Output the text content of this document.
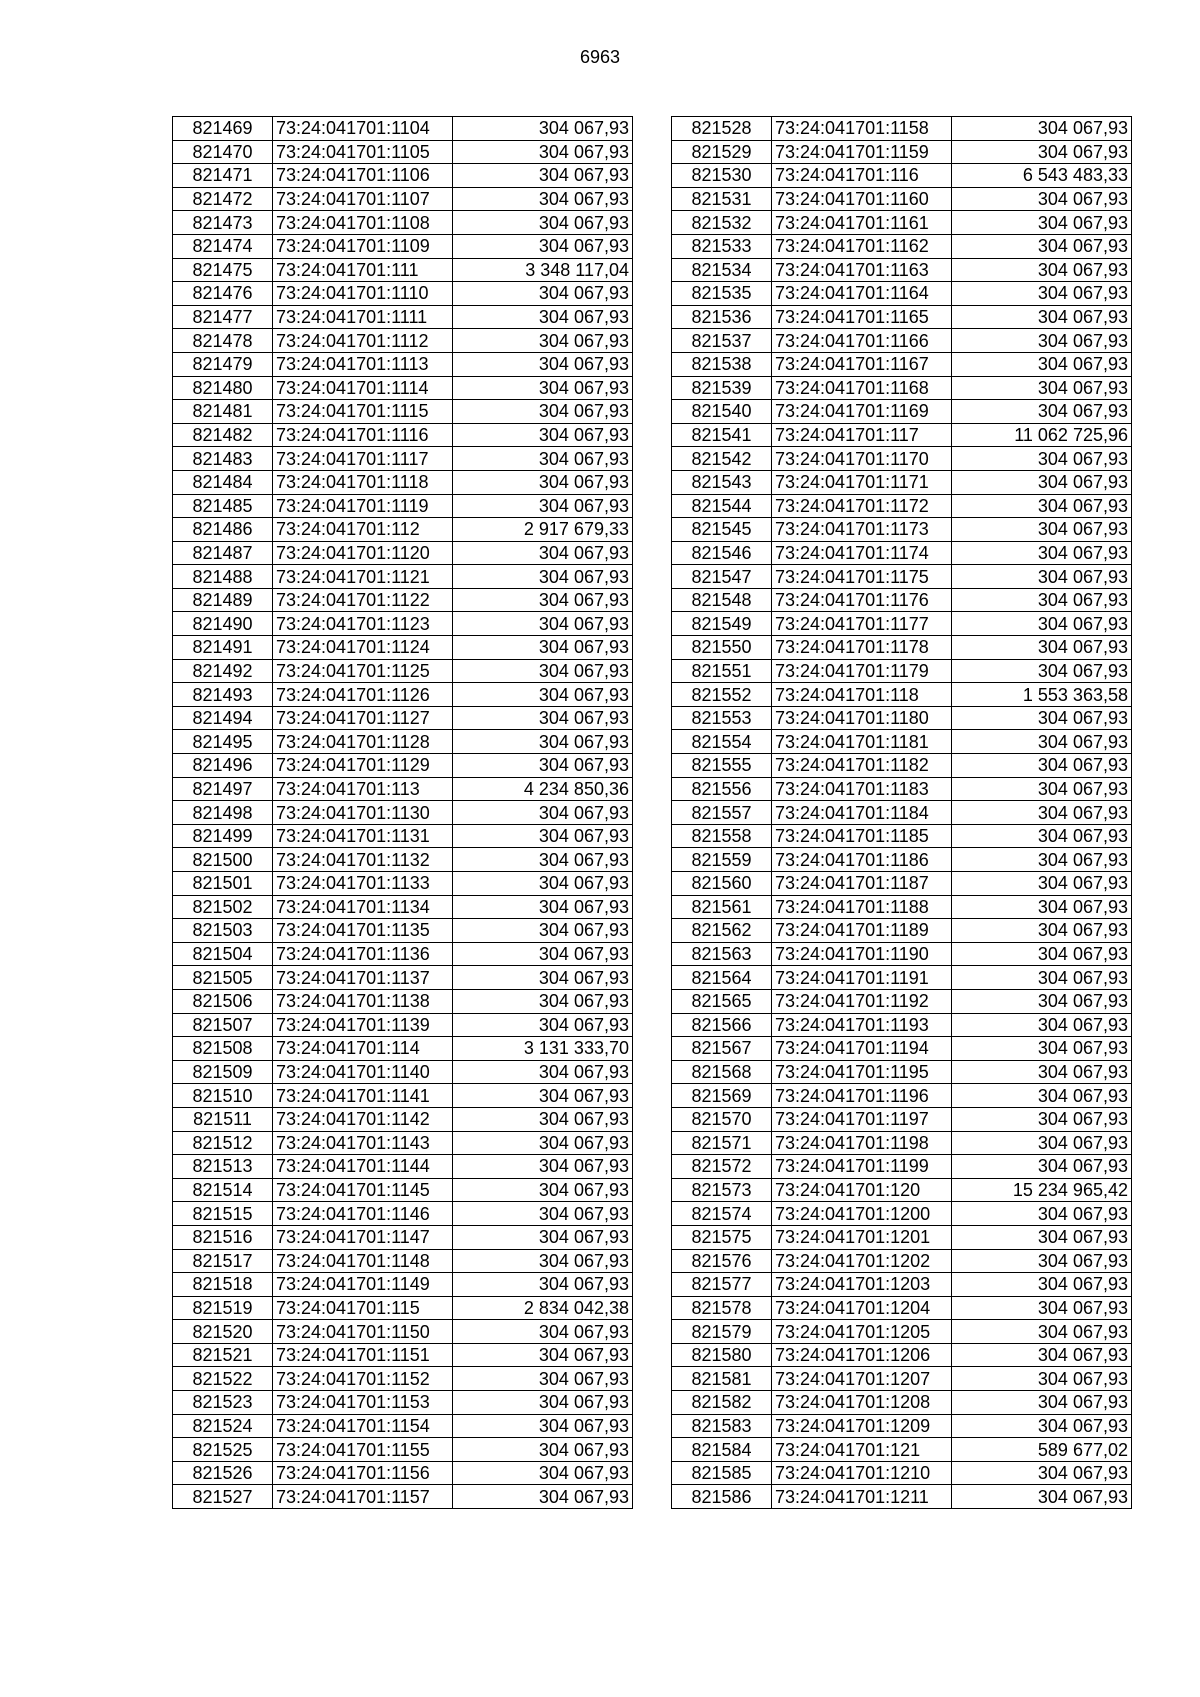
6963
821469	73:24:041701:1104	304 067,93
821470	73:24:041701:1105	304 067,93
821471	73:24:041701:1106	304 067,93
821472	73:24:041701:1107	304 067,93
821473	73:24:041701:1108	304 067,93
821474	73:24:041701:1109	304 067,93
821475	73:24:041701:111	3 348 117,04
821476	73:24:041701:1110	304 067,93
821477	73:24:041701:1111	304 067,93
821478	73:24:041701:1112	304 067,93
821479	73:24:041701:1113	304 067,93
821480	73:24:041701:1114	304 067,93
821481	73:24:041701:1115	304 067,93
821482	73:24:041701:1116	304 067,93
821483	73:24:041701:1117	304 067,93
821484	73:24:041701:1118	304 067,93
821485	73:24:041701:1119	304 067,93
821486	73:24:041701:112	2 917 679,33
821487	73:24:041701:1120	304 067,93
821488	73:24:041701:1121	304 067,93
821489	73:24:041701:1122	304 067,93
821490	73:24:041701:1123	304 067,93
821491	73:24:041701:1124	304 067,93
821492	73:24:041701:1125	304 067,93
821493	73:24:041701:1126	304 067,93
821494	73:24:041701:1127	304 067,93
821495	73:24:041701:1128	304 067,93
821496	73:24:041701:1129	304 067,93
821497	73:24:041701:113	4 234 850,36
821498	73:24:041701:1130	304 067,93
821499	73:24:041701:1131	304 067,93
821500	73:24:041701:1132	304 067,93
821501	73:24:041701:1133	304 067,93
821502	73:24:041701:1134	304 067,93
821503	73:24:041701:1135	304 067,93
821504	73:24:041701:1136	304 067,93
821505	73:24:041701:1137	304 067,93
821506	73:24:041701:1138	304 067,93
821507	73:24:041701:1139	304 067,93
821508	73:24:041701:114	3 131 333,70
821509	73:24:041701:1140	304 067,93
821510	73:24:041701:1141	304 067,93
821511	73:24:041701:1142	304 067,93
821512	73:24:041701:1143	304 067,93
821513	73:24:041701:1144	304 067,93
821514	73:24:041701:1145	304 067,93
821515	73:24:041701:1146	304 067,93
821516	73:24:041701:1147	304 067,93
821517	73:24:041701:1148	304 067,93
821518	73:24:041701:1149	304 067,93
821519	73:24:041701:115	2 834 042,38
821520	73:24:041701:1150	304 067,93
821521	73:24:041701:1151	304 067,93
821522	73:24:041701:1152	304 067,93
821523	73:24:041701:1153	304 067,93
821524	73:24:041701:1154	304 067,93
821525	73:24:041701:1155	304 067,93
821526	73:24:041701:1156	304 067,93
821527	73:24:041701:1157	304 067,93
821528	73:24:041701:1158	304 067,93
821529	73:24:041701:1159	304 067,93
821530	73:24:041701:116	6 543 483,33
821531	73:24:041701:1160	304 067,93
821532	73:24:041701:1161	304 067,93
821533	73:24:041701:1162	304 067,93
821534	73:24:041701:1163	304 067,93
821535	73:24:041701:1164	304 067,93
821536	73:24:041701:1165	304 067,93
821537	73:24:041701:1166	304 067,93
821538	73:24:041701:1167	304 067,93
821539	73:24:041701:1168	304 067,93
821540	73:24:041701:1169	304 067,93
821541	73:24:041701:117	11 062 725,96
821542	73:24:041701:1170	304 067,93
821543	73:24:041701:1171	304 067,93
821544	73:24:041701:1172	304 067,93
821545	73:24:041701:1173	304 067,93
821546	73:24:041701:1174	304 067,93
821547	73:24:041701:1175	304 067,93
821548	73:24:041701:1176	304 067,93
821549	73:24:041701:1177	304 067,93
821550	73:24:041701:1178	304 067,93
821551	73:24:041701:1179	304 067,93
821552	73:24:041701:118	1 553 363,58
821553	73:24:041701:1180	304 067,93
821554	73:24:041701:1181	304 067,93
821555	73:24:041701:1182	304 067,93
821556	73:24:041701:1183	304 067,93
821557	73:24:041701:1184	304 067,93
821558	73:24:041701:1185	304 067,93
821559	73:24:041701:1186	304 067,93
821560	73:24:041701:1187	304 067,93
821561	73:24:041701:1188	304 067,93
821562	73:24:041701:1189	304 067,93
821563	73:24:041701:1190	304 067,93
821564	73:24:041701:1191	304 067,93
821565	73:24:041701:1192	304 067,93
821566	73:24:041701:1193	304 067,93
821567	73:24:041701:1194	304 067,93
821568	73:24:041701:1195	304 067,93
821569	73:24:041701:1196	304 067,93
821570	73:24:041701:1197	304 067,93
821571	73:24:041701:1198	304 067,93
821572	73:24:041701:1199	304 067,93
821573	73:24:041701:120	15 234 965,42
821574	73:24:041701:1200	304 067,93
821575	73:24:041701:1201	304 067,93
821576	73:24:041701:1202	304 067,93
821577	73:24:041701:1203	304 067,93
821578	73:24:041701:1204	304 067,93
821579	73:24:041701:1205	304 067,93
821580	73:24:041701:1206	304 067,93
821581	73:24:041701:1207	304 067,93
821582	73:24:041701:1208	304 067,93
821583	73:24:041701:1209	304 067,93
821584	73:24:041701:121	589 677,02
821585	73:24:041701:1210	304 067,93
821586	73:24:041701:1211	304 067,93
